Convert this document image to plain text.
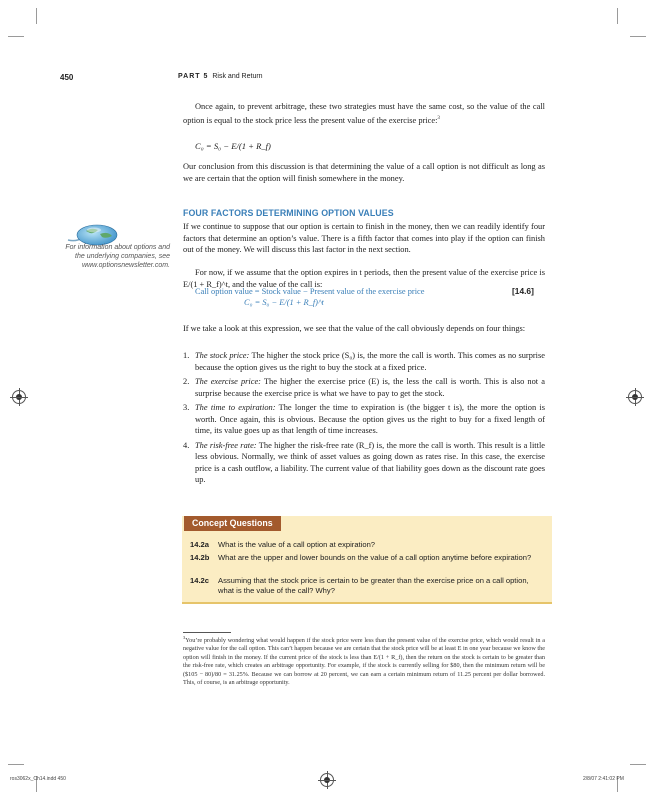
450	PART 5 Risk and Return
Once again, to prevent arbitrage, these two strategies must have the same cost, so the value of the call option is equal to the stock price less the present value of the exercise price:$^3$
C₀ = S₀ − E/(1 + R_f)
Our conclusion from this discussion is that determining the value of a call option is not difficult as long as we are certain that the option will finish somewhere in the money.
For information about options and the underlying companies, see www.optionsnewsletter.com.
FOUR FACTORS DETERMINING OPTION VALUES
If we continue to suppose that our option is certain to finish in the money, then we can readily identify four factors that determine an option’s value. There is a fifth factor that comes into play if the option can finish out of the money. We will discuss this last factor in the next section.
For now, if we assume that the option expires in t periods, then the present value of the exercise price is E/(1 + R_f)^t, and the value of the call is:
Call option value = Stock value − Present value of the exercise price
C₀ = S₀ − E/(1 + R_f)^t
[14.6]
If we take a look at this expression, we see that the value of the call obviously depends on four things:
1. The stock price: The higher the stock price (S₀) is, the more the call is worth. This comes as no surprise because the option gives us the right to buy the stock at a fixed price.
2. The exercise price: The higher the exercise price (E) is, the less the call is worth. This is also not a surprise because the exercise price is what we have to pay to get the stock.
3. The time to expiration: The longer the time to expiration is (the bigger t is), the more the option is worth. Once again, this is obvious. Because the option gives us the right to buy for a fixed length of time, its value goes up as that length of time increases.
4. The risk-free rate: The higher the risk-free rate (R_f) is, the more the call is worth. This result is a little less obvious. Normally, we think of asset values as going down as rates rise. In this case, the exercise price is a cash outflow, a liability. The current value of that liability goes down as the discount rate goes up.
Concept Questions
14.2a What is the value of a call option at expiration?
14.2b What are the upper and lower bounds on the value of a call option anytime before expiration?
14.2c Assuming that the stock price is certain to be greater than the exercise price on a call option, what is the value of the call? Why?
$^3$You’re probably wondering what would happen if the stock price were less than the present value of the exercise price, which would result in a negative value for the call option. This can’t happen because we are certain that the stock price will be at least E in one year because we know the option will finish in the money. If the current price of the stock is less than E/(1 + R_f), then the return on the stock is certain to be greater than the risk-free rate, which creates an arbitrage opportunity. For example, if the stock is currently selling for $80, then the minimum return will be ($105 − 80)/80 = 31.25%. Because we can borrow at 20 percent, we can earn a certain minimum return of 11.25 percent per dollar borrowed. This, of course, is an arbitrage opportunity.
ros3062x_Ch14.indd 450	2/8/07 2:41:02 PM
